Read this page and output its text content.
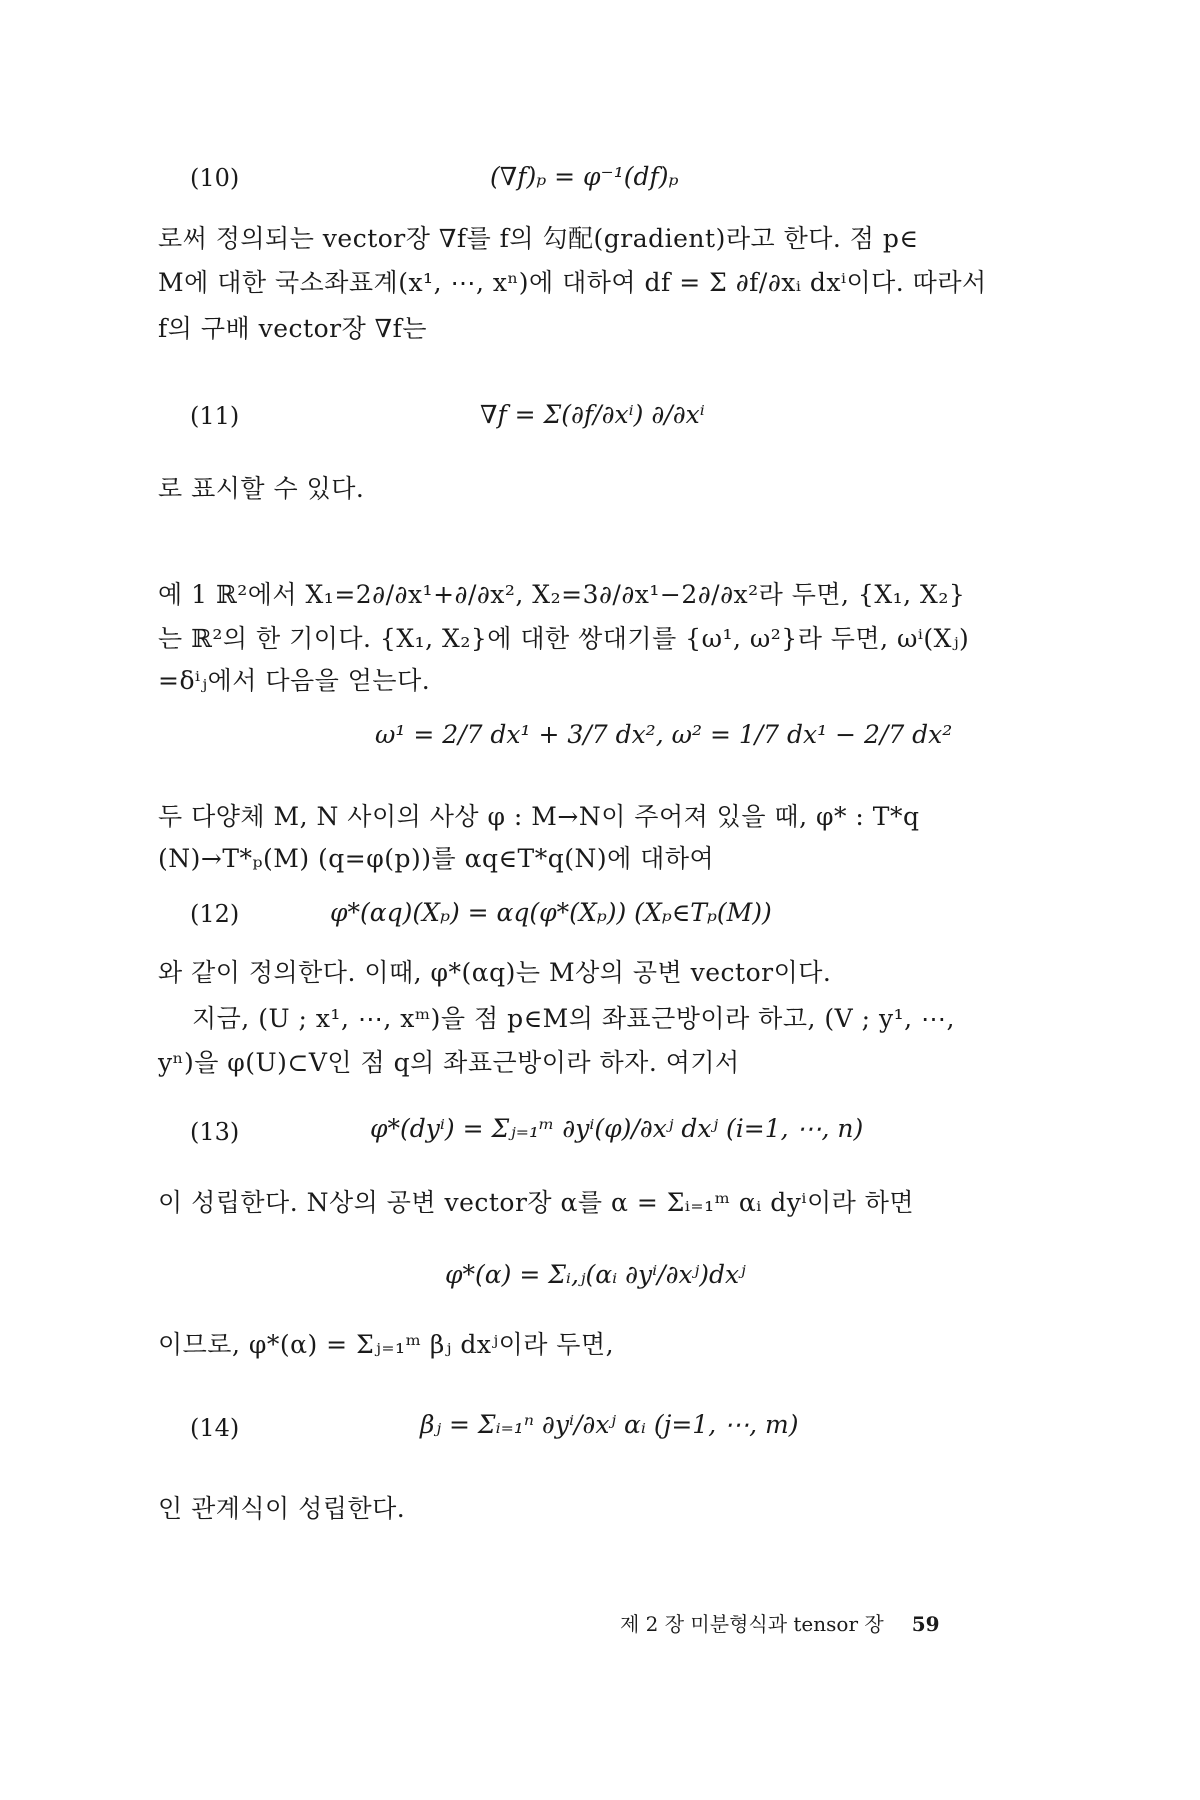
(10)	(∇f)ₚ = φ⁻¹(df)ₚ
로써 정의되는 vector장 ∇f를 f의 勾配(gradient)라고 한다. 점 p∈
M에 대한 국소좌표계(x¹, ⋯, xⁿ)에 대하여 df = Σ ∂f/∂xᵢ dxⁱ이다. 따라서
f의 구배 vector장 ∇f는
(11)	∇f = Σ(∂f/∂xⁱ) ∂/∂xⁱ
로 표시할 수 있다.
예 1 ℝ²에서 X₁=2∂/∂x¹+∂/∂x², X₂=3∂/∂x¹−2∂/∂x²라 두면, {X₁, X₂}
는 ℝ²의 한 기이다. {X₁, X₂}에 대한 쌍대기를 {ω¹, ω²}라 두면, ωⁱ(Xⱼ)
=δⁱⱼ에서 다음을 얻는다.
ω¹ = 2/7 dx¹ + 3/7 dx², ω² = 1/7 dx¹ − 2/7 dx²
두 다양체 M, N 사이의 사상 φ : M→N이 주어져 있을 때, φ* : T*q
(N)→T*ₚ(M) (q=φ(p))를 αq∈T*q(N)에 대하여
(12)	φ*(αq)(Xₚ) = αq(φ*(Xₚ)) (Xₚ∈Tₚ(M))
와 같이 정의한다. 이때, φ*(αq)는 M상의 공변 vector이다.
지금, (U ; x¹, ⋯, xᵐ)을 점 p∈M의 좌표근방이라 하고, (V ; y¹, ⋯,
yⁿ)을 φ(U)⊂V인 점 q의 좌표근방이라 하자. 여기서
(13)	φ*(dyⁱ) = Σⱼ₌₁ᵐ ∂yⁱ(φ)/∂xʲ dxʲ (i=1, ⋯, n)
이 성립한다. N상의 공변 vector장 α를 α = Σᵢ₌₁ᵐ αᵢ dyⁱ이라 하면
φ*(α) = Σᵢ,ⱼ(αᵢ ∂yⁱ/∂xʲ)dxʲ
이므로, φ*(α) = Σⱼ₌₁ᵐ βⱼ dxʲ이라 두면,
(14)	βⱼ = Σᵢ₌₁ⁿ ∂yⁱ/∂xʲ αᵢ (j=1, ⋯, m)
인 관계식이 성립한다.
제 2 장 미분형식과 tensor 장 59
